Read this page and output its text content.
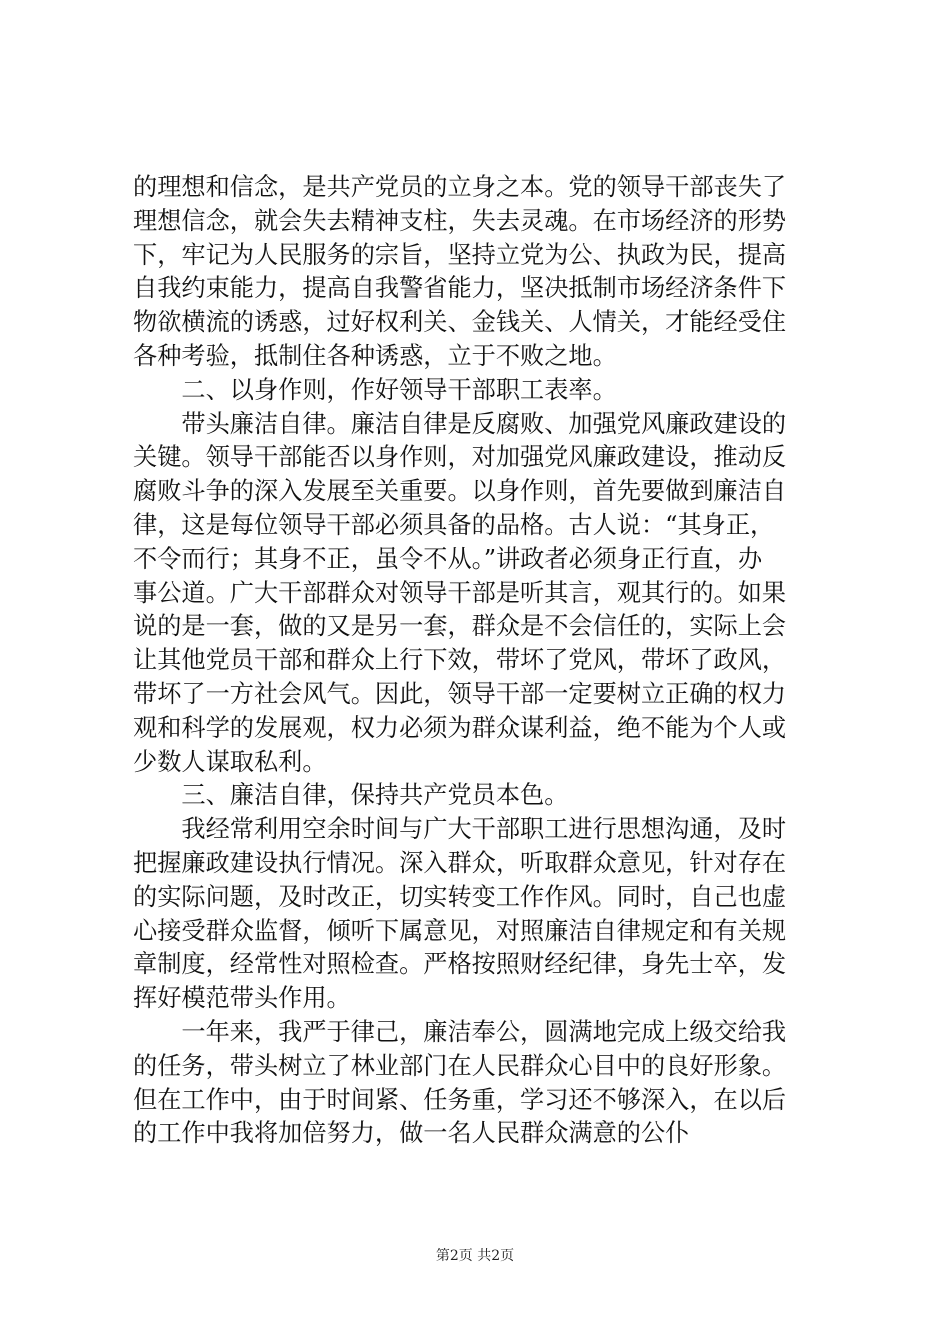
的理想和信念，是共产党员的立身之本。党的领导干部丧失了
理想信念，就会失去精神支柱，失去灵魂。在市场经济的形势
下，牢记为人民服务的宗旨，坚持立党为公、执政为民，提高
自我约束能力，提高自我警省能力，坚决抵制市场经济条件下
物欲横流的诱惑，过好权利关、金钱关、人情关，才能经受住
各种考验，抵制住各种诱惑，立于不败之地。
　　二、以身作则，作好领导干部职工表率。
　　带头廉洁自律。廉洁自律是反腐败、加强党风廉政建设的
关键。领导干部能否以身作则，对加强党风廉政建设，推动反
腐败斗争的深入发展至关重要。以身作则，首先要做到廉洁自
律，这是每位领导干部必须具备的品格。古人说：“其身正，
不令而行；其身不正，虽令不从。”讲政者必须身正行直，办
事公道。广大干部群众对领导干部是听其言，观其行的。如果
说的是一套，做的又是另一套，群众是不会信任的，实际上会
让其他党员干部和群众上行下效，带坏了党风，带坏了政风，
带坏了一方社会风气。因此，领导干部一定要树立正确的权力
观和科学的发展观，权力必须为群众谋利益，绝不能为个人或
少数人谋取私利。
　　三、廉洁自律，保持共产党员本色。
　　我经常利用空余时间与广大干部职工进行思想沟通，及时
把握廉政建设执行情况。深入群众，听取群众意见，针对存在
的实际问题，及时改正，切实转变工作作风。同时，自己也虚
心接受群众监督，倾听下属意见，对照廉洁自律规定和有关规
章制度，经常性对照检查。严格按照财经纪律，身先士卒，发
挥好模范带头作用。
　　一年来，我严于律己，廉洁奉公，圆满地完成上级交给我
的任务，带头树立了林业部门在人民群众心目中的良好形象。
但在工作中，由于时间紧、任务重，学习还不够深入，在以后
的工作中我将加倍努力，做一名人民群众满意的公仆
第2页 共2页
